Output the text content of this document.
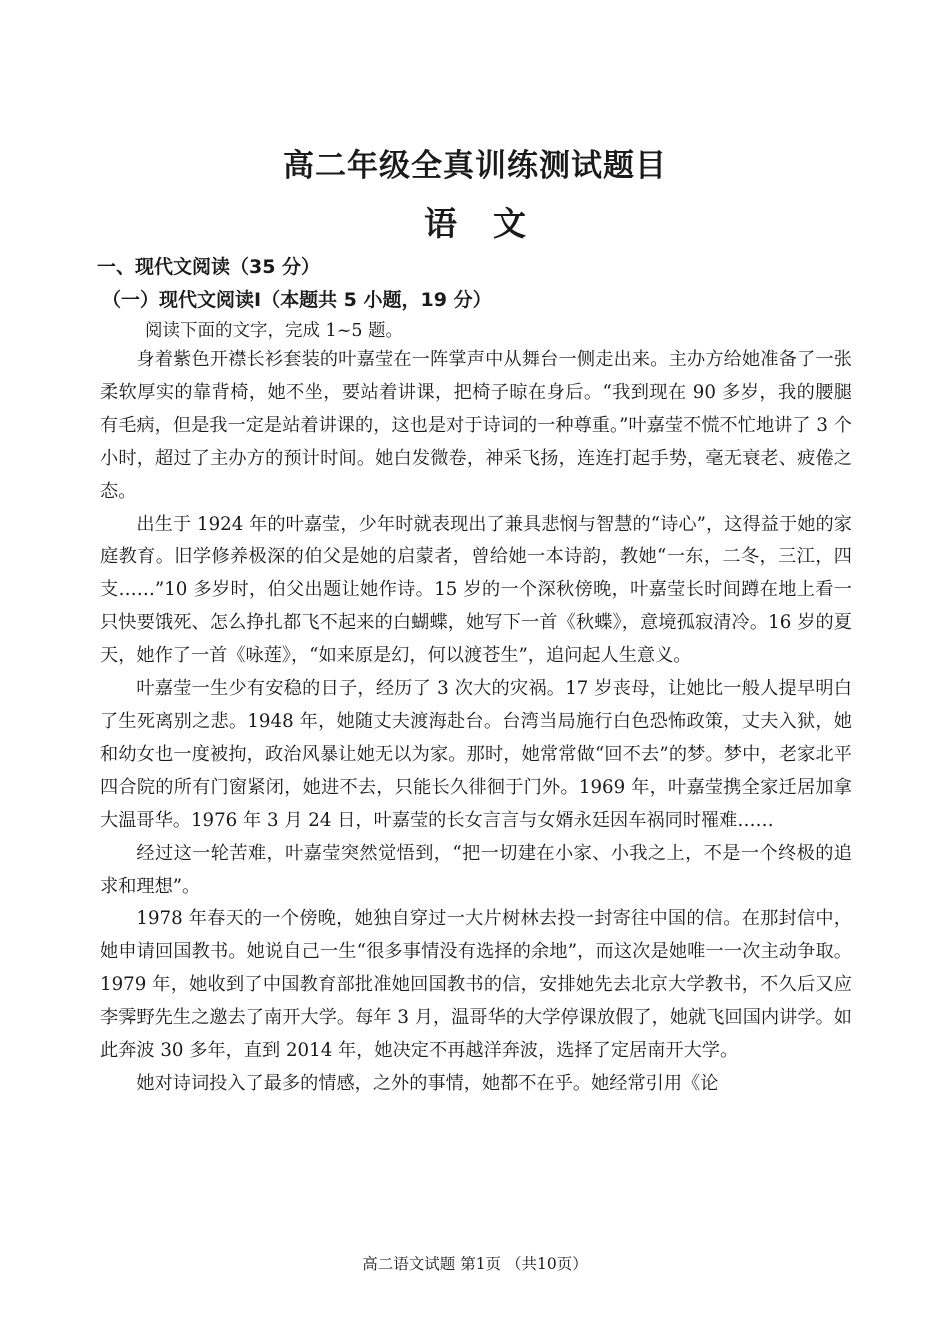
高二年级全真训练测试题目
语文
一、现代文阅读（35 分）
（一）现代文阅读Ⅰ（本题共 5 小题，19 分）
阅读下面的文字，完成 1~5 题。

身着紫色开襟长衫套装的叶嘉莹在一阵掌声中从舞台一侧走出来。主办方给她准备了一张柔软厚实的靠背椅，她不坐，要站着讲课，把椅子晾在身后。“我到现在 90 多岁，我的腰腿有毛病，但是我一定是站着讲课的，这也是对于诗词的一种尊重。”叶嘉莹不慌不忙地讲了 3 个小时，超过了主办方的预计时间。她白发微卷，神采飞扬，连连打起手势，毫无衰老、疲倦之态。

出生于 1924 年的叶嘉莹，少年时就表现出了兼具悲悯与智慧的“诗心”，这得益于她的家庭教育。旧学修养极深的伯父是她的启蒙者，曾给她一本诗韵，教她“一东，二冬，三江，四支……”10 多岁时，伯父出题让她作诗。15 岁的一个深秋傍晚，叶嘉莹长时间蹲在地上看一只快要饿死、怎么挣扎都飞不起来的白蝴蝶，她写下一首《秋蝶》，意境孤寂清冷。16 岁的夏天，她作了一首《咏莲》，“如来原是幻，何以渡苍生”，追问起人生意义。

叶嘉莹一生少有安稳的日子，经历了 3 次大的灾祸。17 岁丧母，让她比一般人提早明白了生死离别之悲。1948 年，她随丈夫渡海赴台。台湾当局施行白色恐怖政策，丈夫入狱，她和幼女也一度被拘，政治风暴让她无以为家。那时，她常常做“回不去”的梦。梦中，老家北平四合院的所有门窗紧闭，她进不去，只能长久徘徊于门外。1969 年，叶嘉莹携全家迁居加拿大温哥华。1976 年 3 月 24 日，叶嘉莹的长女言言与女婿永廷因车祸同时罹难……

经过这一轮苦难，叶嘉莹突然觉悟到，“把一切建在小家、小我之上，不是一个终极的追求和理想”。

1978 年春天的一个傍晚，她独自穿过一大片树林去投一封寄往中国的信。在那封信中，她申请回国教书。她说自己一生“很多事情没有选择的余地”，而这次是她唯一一次主动争取。1979 年，她收到了中国教育部批准她回国教书的信，安排她先去北京大学教书，不久后又应李霁野先生之邀去了南开大学。每年 3 月，温哥华的大学停课放假了，她就飞回国内讲学。如此奔波 30 多年，直到 2014 年，她决定不再越洋奔波，选择了定居南开大学。

她对诗词投入了最多的情感，之外的事情，她都不在乎。她经常引用《论

高二语文试题 第1页 （共10页）
